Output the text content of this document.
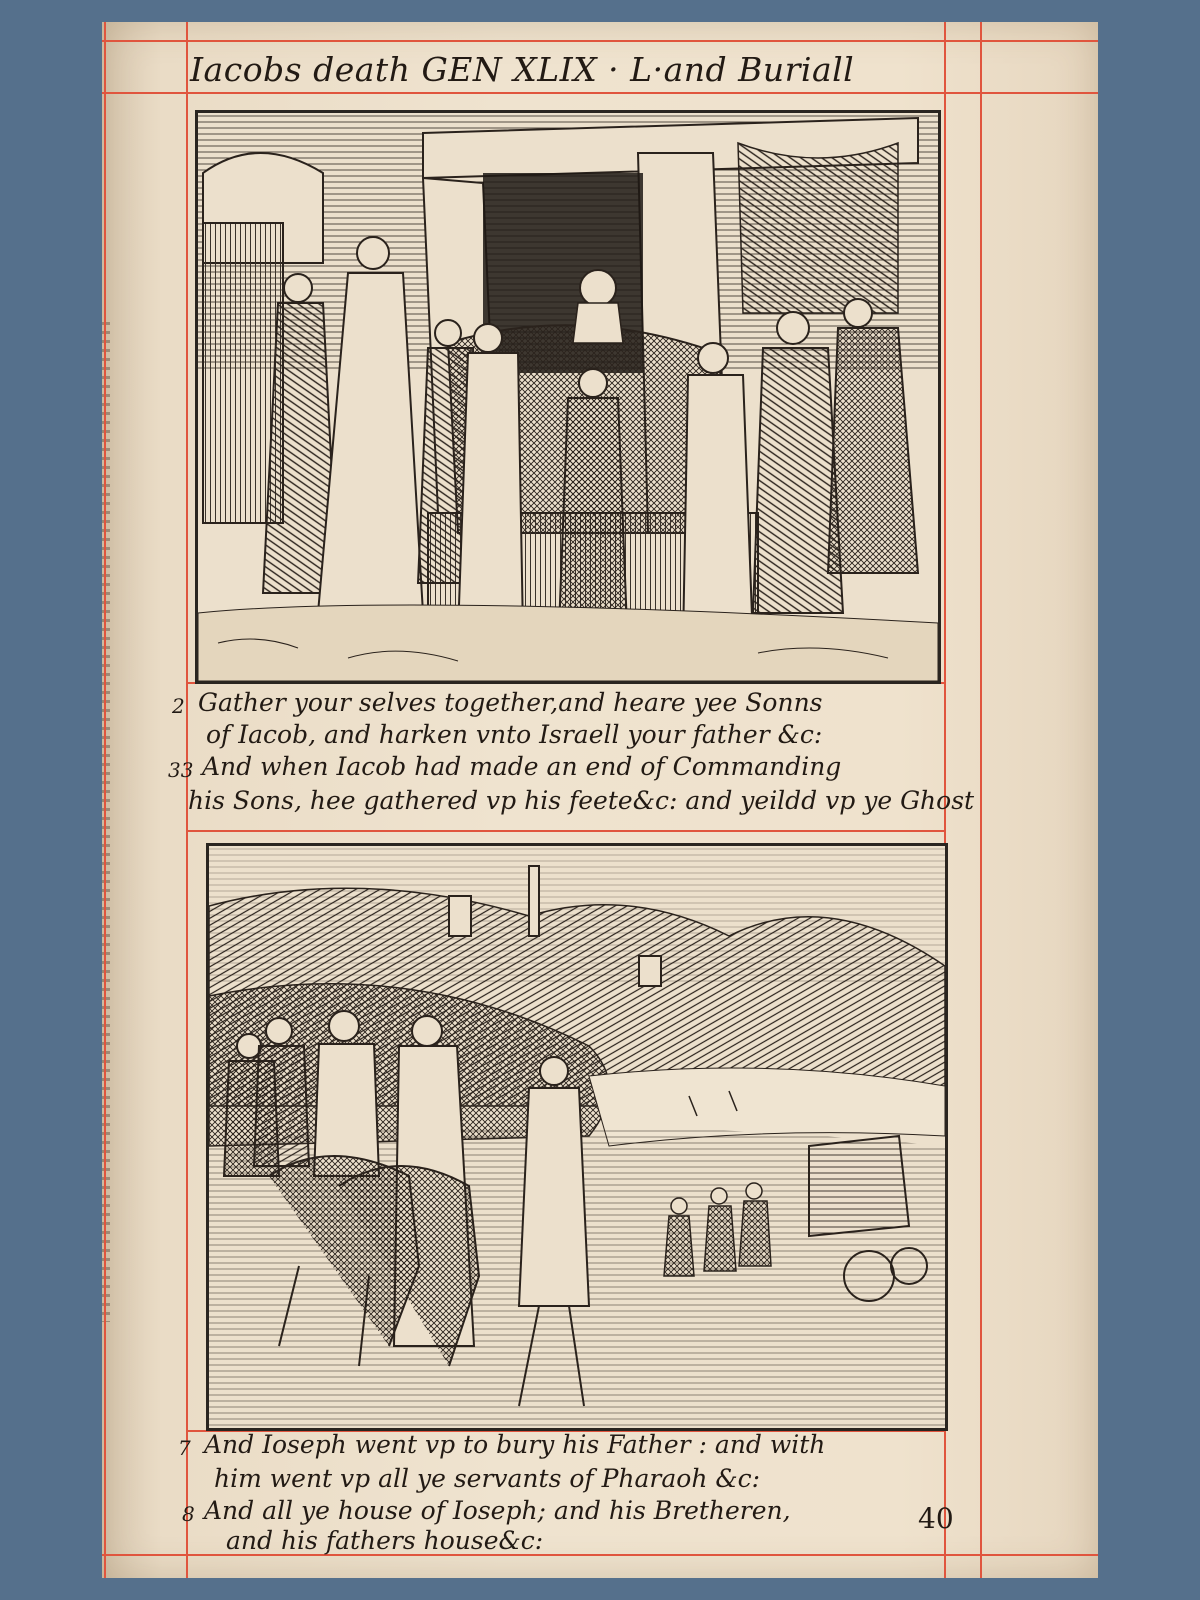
Iacobs death GEN XLIX · L·and Buriall
2 Gather your selves together,and heare yee Sonns
of Iacob, and harken vnto Israell your father &c:
33 And when Iacob had made an end of Commanding
his Sons, hee gathered vp his feete&c: and yeildd vp ye Ghost
7 And Ioseph went vp to bury his Father : and with
him went vp all ye servants of Pharaoh &c:
8 And all ye house of Ioseph; and his Bretheren,
and his fathers house&c:
40
